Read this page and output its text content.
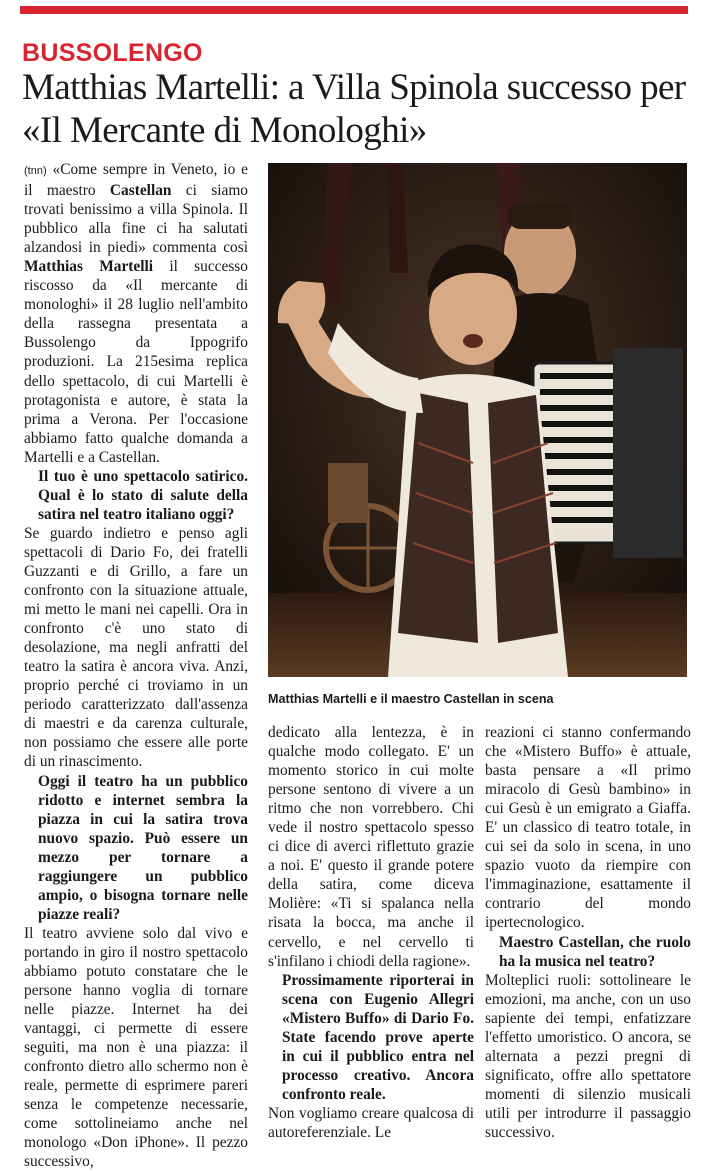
BUSSOLENGO
Matthias Martelli: a Villa Spinola successo per «Il Mercante di Monologhi»

(tnn) «Come sempre in Veneto, io e il maestro Castellan ci siamo trovati benissimo a villa Spinola. Il pubblico alla fine ci ha salutati alzandosi in piedi» commenta così Matthias Martelli il successo riscosso da «Il mercante di monologhi» il 28 luglio nell'ambito della rassegna presentata a Bussolengo da Ippogrifo produzioni. La 215esima replica dello spettacolo, di cui Martelli è protagonista e autore, è stata la prima a Verona. Per l'occasione abbiamo fatto qualche domanda a Martelli e a Castellan.

Il tuo è uno spettacolo satirico. Qual è lo stato di salute della satira nel teatro italiano oggi?

Se guardo indietro e penso agli spettacoli di Dario Fo, dei fratelli Guzzanti e di Grillo, a fare un confronto con la situazione attuale, mi metto le mani nei capelli. Ora in confronto c'è uno stato di desolazione, ma negli anfratti del teatro la satira è ancora viva. Anzi, proprio perché ci troviamo in un periodo caratterizzato dall'assenza di maestri e da carenza culturale, non possiamo che essere alle porte di un rinascimento.

Oggi il teatro ha un pubblico ridotto e internet sembra la piazza in cui la satira trova nuovo spazio. Può essere un mezzo per tornare a raggiungere un pubblico ampio, o bisogna tornare nelle piazze reali?

Il teatro avviene solo dal vivo e portando in giro il nostro spettacolo abbiamo potuto constatare che le persone hanno voglia di tornare nelle piazze. Internet ha dei vantaggi, ci permette di essere seguiti, ma non è una piazza: il confronto dietro allo schermo non è reale, permette di esprimere pareri senza le competenze necessarie, come sottolineiamo anche nel monologo «Don iPhone». Il pezzo successivo,

Matthias Martelli e il maestro Castellan in scena

dedicato alla lentezza, è in qualche modo collegato. E' un momento storico in cui molte persone sentono di vivere a un ritmo che non vorrebbero. Chi vede il nostro spettacolo spesso ci dice di averci riflettuto grazie a noi. E' questo il grande potere della satira, come diceva Molière: «Ti si spalanca nella risata la bocca, ma anche il cervello, e nel cervello ti s'infilano i chiodi della ragione».

Prossimamente riporterai in scena con Eugenio Allegri «Mistero Buffo» di Dario Fo. State facendo prove aperte in cui il pubblico entra nel processo creativo. Ancora confronto reale.

Non vogliamo creare qualcosa di autoreferenziale. Le

reazioni ci stanno confermando che «Mistero Buffo» è attuale, basta pensare a «Il primo miracolo di Gesù bambino» in cui Gesù è un emigrato a Giaffa. E' un classico di teatro totale, in cui sei da solo in scena, in uno spazio vuoto da riempire con l'immaginazione, esattamente il contrario del mondo ipertecnologico.

Maestro Castellan, che ruolo ha la musica nel teatro?

Molteplici ruoli: sottolineare le emozioni, ma anche, con un uso sapiente dei tempi, enfatizzare l'effetto umoristico. O ancora, se alternata a pezzi pregni di significato, offre allo spettatore momenti di silenzio musicali utili per introdurre il passaggio successivo.
